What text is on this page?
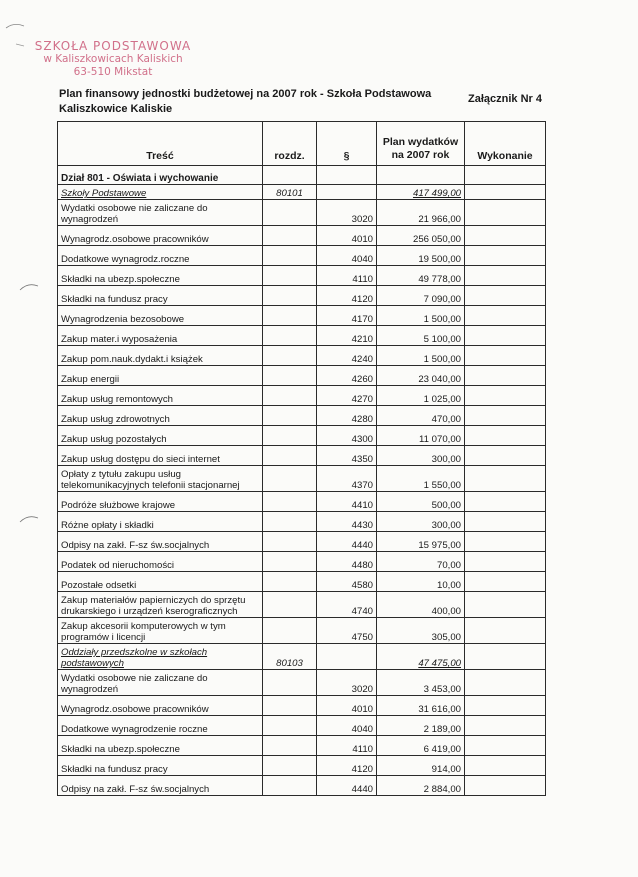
SZKOŁA PODSTAWOWA
w Kaliszkowicach Kaliskich
63-510 Mikstat
Plan finansowy jednostki budżetowej na 2007 rok - Szkoła Podstawowa Kaliszkowice Kaliskie
Załącznik Nr 4
Treść	rozdz.	§	Plan wydatków na 2007 rok	Wykonanie
Dział 801 - Oświata i wychowanie				
Szkoły Podstawowe	80101		417 499,00	
Wydatki osobowe nie zaliczane do wynagrodzeń		3020	21 966,00	
Wynagrodz.osobowe pracowników		4010	256 050,00	
Dodatkowe wynagrodz.roczne		4040	19 500,00	
Składki na ubezp.społeczne		4110	49 778,00	
Składki na fundusz pracy		4120	7 090,00	
Wynagrodzenia bezosobowe		4170	1 500,00	
Zakup mater.i wyposażenia		4210	5 100,00	
Zakup pom.nauk.dydakt.i książek		4240	1 500,00	
Zakup energii		4260	23 040,00	
Zakup usług remontowych		4270	1 025,00	
Zakup usług zdrowotnych		4280	470,00	
Zakup usług pozostałych		4300	11 070,00	
Zakup usług dostępu do sieci internet		4350	300,00	
Opłaty z tytułu zakupu usług telekomunikacyjnych telefonii stacjonarnej		4370	1 550,00	
Podróże służbowe krajowe		4410	500,00	
Różne opłaty i składki		4430	300,00	
Odpisy na zakł. F-sz św.socjalnych		4440	15 975,00	
Podatek od nieruchomości		4480	70,00	
Pozostałe odsetki		4580	10,00	
Zakup materiałów papierniczych do sprzętu drukarskiego i urządzeń kserograficznych		4740	400,00	
Zakup akcesorii komputerowych w tym programów i licencji		4750	305,00	
Oddziały przedszkolne w szkołach podstawowych	80103		47 475,00	
Wydatki osobowe nie zaliczane do wynagrodzeń		3020	3 453,00	
Wynagrodz.osobowe pracowników		4010	31 616,00	
Dodatkowe wynagrodzenie roczne		4040	2 189,00	
Składki na ubezp.społeczne		4110	6 419,00	
Składki na fundusz pracy		4120	914,00	
Odpisy na zakł. F-sz św.socjalnych		4440	2 884,00	
